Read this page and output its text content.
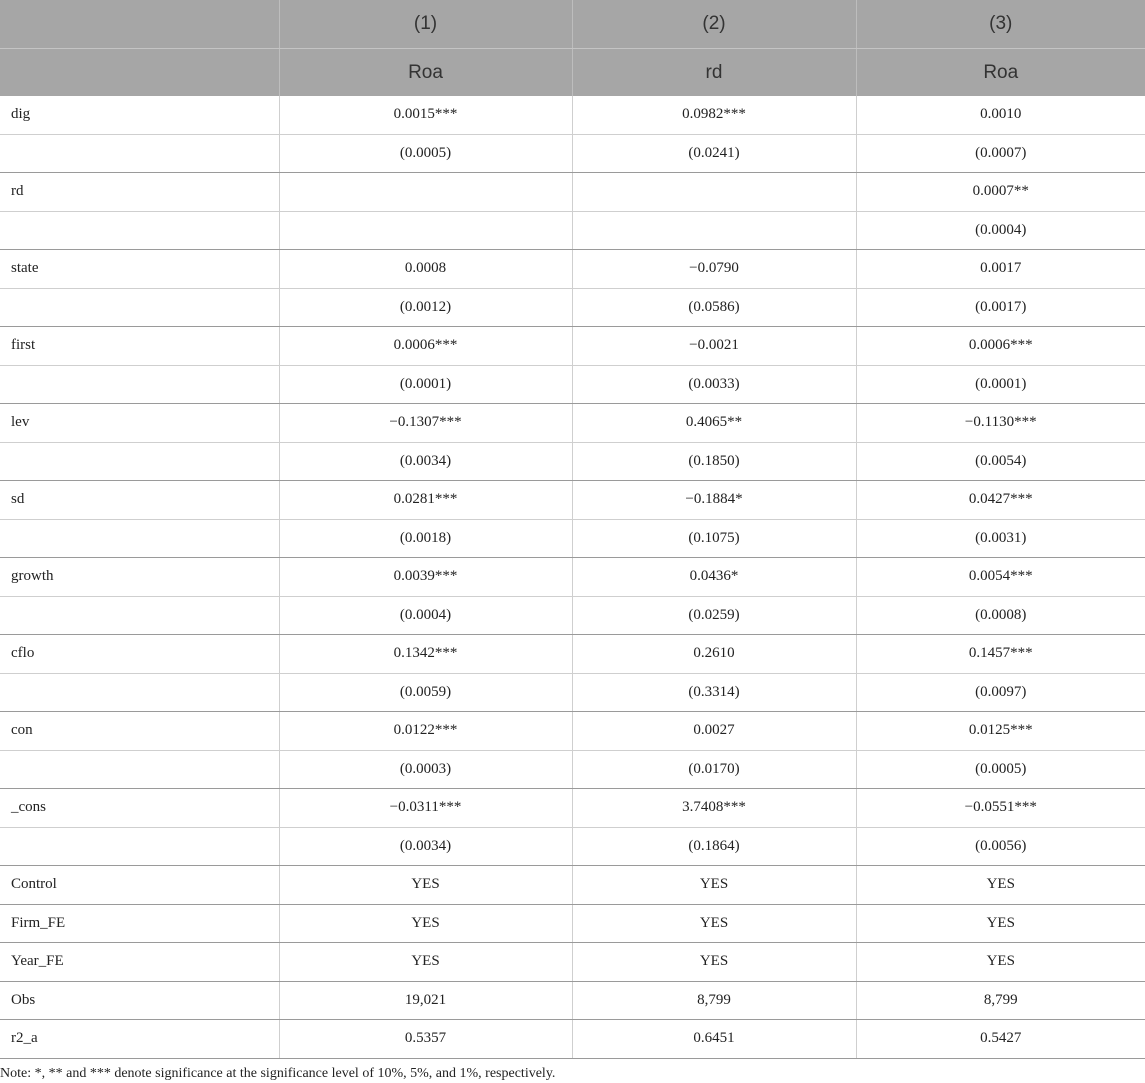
	(1)	(2)	(3)
	Roa	rd	Roa
dig	0.0015***	0.0982***	0.0010
	(0.0005)	(0.0241)	(0.0007)
rd			0.0007**
			(0.0004)
state	0.0008	−0.0790	0.0017
	(0.0012)	(0.0586)	(0.0017)
first	0.0006***	−0.0021	0.0006***
	(0.0001)	(0.0033)	(0.0001)
lev	−0.1307***	0.4065**	−0.1130***
	(0.0034)	(0.1850)	(0.0054)
sd	0.0281***	−0.1884*	0.0427***
	(0.0018)	(0.1075)	(0.0031)
growth	0.0039***	0.0436*	0.0054***
	(0.0004)	(0.0259)	(0.0008)
cflo	0.1342***	0.2610	0.1457***
	(0.0059)	(0.3314)	(0.0097)
con	0.0122***	0.0027	0.0125***
	(0.0003)	(0.0170)	(0.0005)
_cons	−0.0311***	3.7408***	−0.0551***
	(0.0034)	(0.1864)	(0.0056)
Control	YES	YES	YES
Firm_FE	YES	YES	YES
Year_FE	YES	YES	YES
Obs	19,021	8,799	8,799
r2_a	0.5357	0.6451	0.5427
Note: *, ** and *** denote significance at the significance level of 10%, 5%, and 1%, respectively.
